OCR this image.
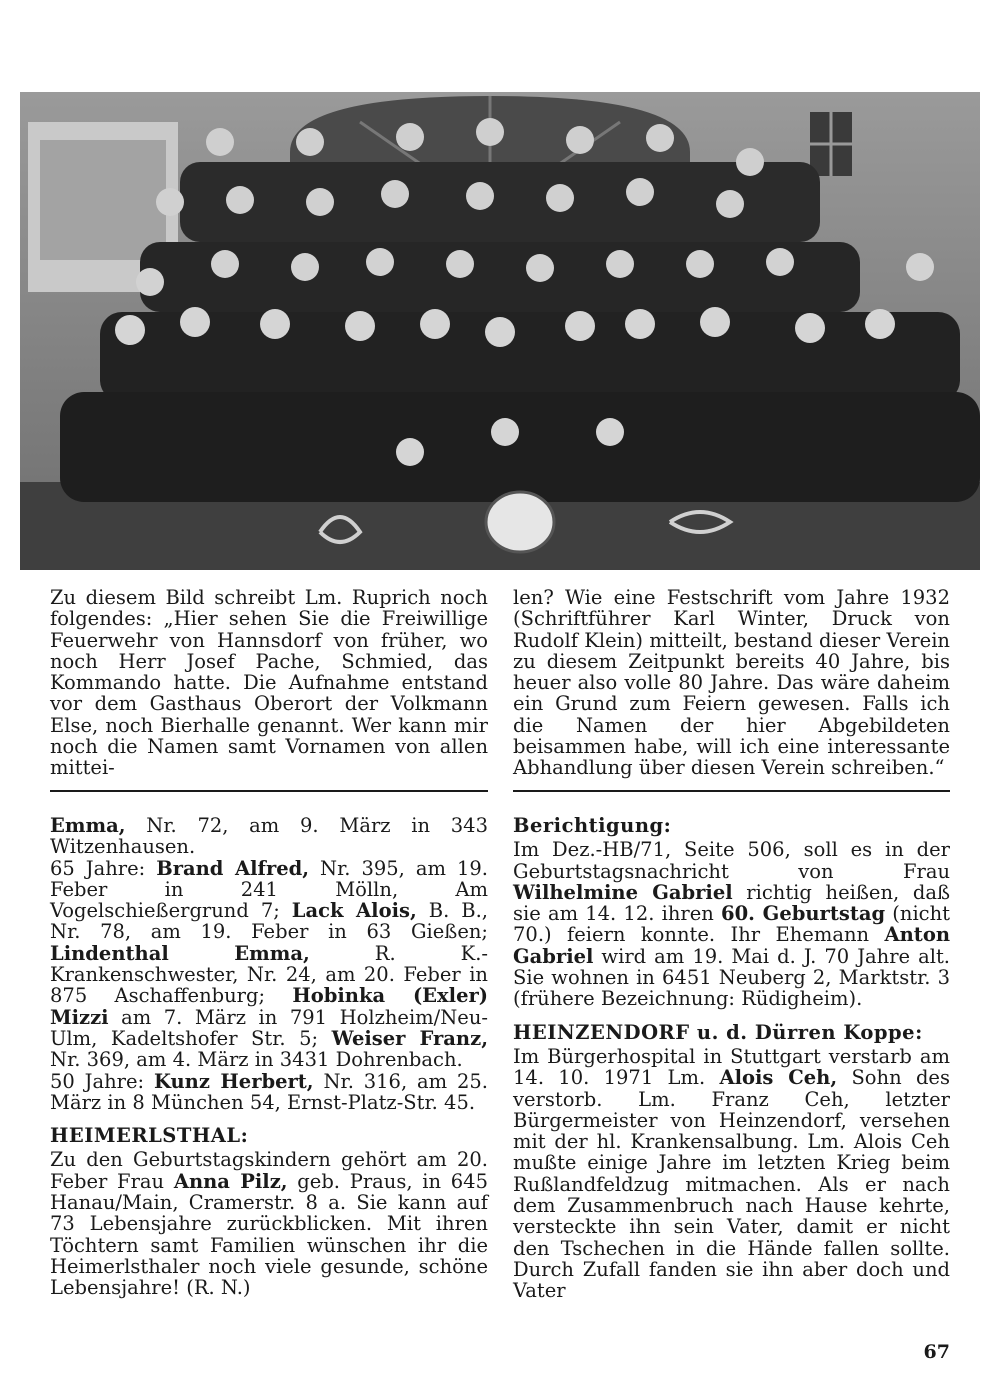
Zu diesem Bild schreibt Lm. Ruprich noch folgendes: „Hier sehen Sie die Freiwillige Feuerwehr von Hannsdorf von früher, wo noch Herr Josef Pache, Schmied, das Kommando hatte. Die Aufnahme entstand vor dem Gasthaus Oberort der Volkmann Else, noch Bierhalle genannt. Wer kann mir noch die Namen samt Vornamen von allen mittei-

len? Wie eine Festschrift vom Jahre 1932 (Schriftführer Karl Winter, Druck von Rudolf Klein) mitteilt, bestand dieser Verein zu diesem Zeitpunkt bereits 40 Jahre, bis heuer also volle 80 Jahre. Das wäre daheim ein Grund zum Feiern gewesen. Falls ich die Namen der hier Abgebildeten beisammen habe, will ich eine interessante Abhandlung über diesen Verein schreiben.“

Emma, Nr. 72, am 9. März in 343 Witzenhausen.

65 Jahre: Brand Alfred, Nr. 395, am 19. Feber in 241 Mölln, Am Vogelschießergrund 7; Lack Alois, B. B., Nr. 78, am 19. Feber in 63 Gießen; Lindenthal Emma, R. K.-Krankenschwester, Nr. 24, am 20. Feber in 875 Aschaffenburg; Hobinka (Exler) Mizzi am 7. März in 791 Holzheim/Neu-Ulm, Kadeltshofer Str. 5; Weiser Franz, Nr. 369, am 4. März in 3431 Dohrenbach.

50 Jahre: Kunz Herbert, Nr. 316, am 25. März in 8 München 54, Ernst-Platz-Str. 45.

HEIMERLSTHAL:

Zu den Geburtstagskindern gehört am 20. Feber Frau Anna Pilz, geb. Praus, in 645 Hanau/Main, Cramerstr. 8 a. Sie kann auf 73 Lebensjahre zurückblicken. Mit ihren Töchtern samt Familien wünschen ihr die Heimerlsthaler noch viele gesunde, schöne Lebensjahre! (R. N.)

Berichtigung:

Im Dez.-HB/71, Seite 506, soll es in der Geburtstagsnachricht von Frau Wilhelmine Gabriel richtig heißen, daß sie am 14. 12. ihren 60. Geburtstag (nicht 70.) feiern konnte. Ihr Ehemann Anton Gabriel wird am 19. Mai d. J. 70 Jahre alt. Sie wohnen in 6451 Neuberg 2, Marktstr. 3 (frühere Bezeichnung: Rüdigheim).

HEINZENDORF u. d. Dürren Koppe:

Im Bürgerhospital in Stuttgart verstarb am 14. 10. 1971 Lm. Alois Ceh, Sohn des verstorb. Lm. Franz Ceh, letzter Bürgermeister von Heinzendorf, versehen mit der hl. Krankensalbung. Lm. Alois Ceh mußte einige Jahre im letzten Krieg beim Rußlandfeldzug mitmachen. Als er nach dem Zusammenbruch nach Hause kehrte, versteckte ihn sein Vater, damit er nicht den Tschechen in die Hände fallen sollte. Durch Zufall fanden sie ihn aber doch und Vater

67
